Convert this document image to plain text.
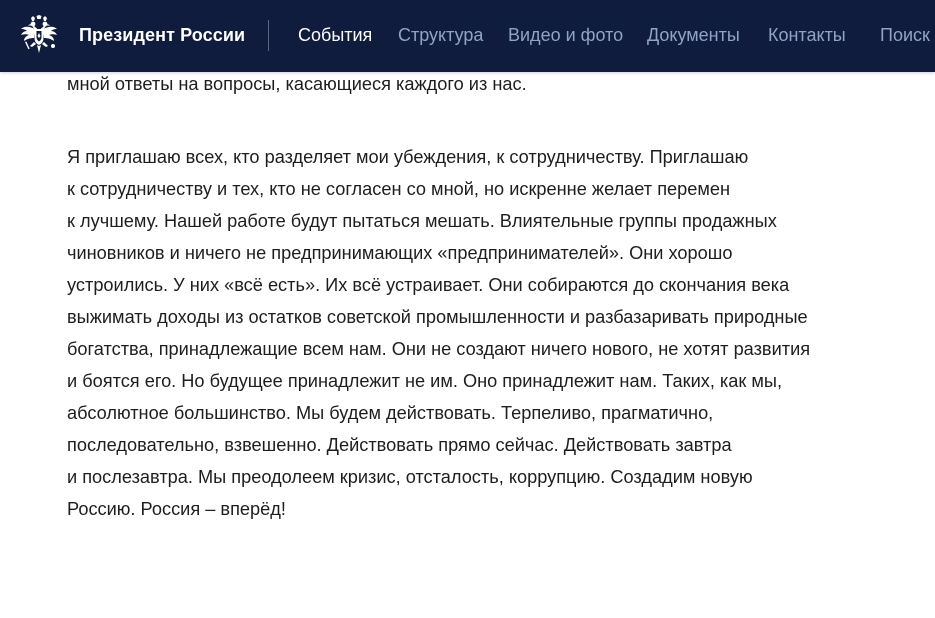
Президент России	События Структура Видео и фото Документы Контакты Поиск

мной ответы на вопросы, касающиеся каждого из нас.

Я приглашаю всех, кто разделяет мои убеждения, к сотрудничеству. Приглашаю
к сотрудничеству и тех, кто не согласен со мной, но искренне желает перемен
к лучшему. Нашей работе будут пытаться мешать. Влиятельные группы продажных
чиновников и ничего не предпринимающих «предпринимателей». Они хорошо
устроились. У них «всё есть». Их всё устраивает. Они собираются до скончания века
выжимать доходы из остатков советской промышленности и разбазаривать природные
богатства, принадлежащие всем нам. Они не создают ничего нового, не хотят развития
и боятся его. Но будущее принадлежит не им. Оно принадлежит нам. Таких, как мы,
абсолютное большинство. Мы будем действовать. Терпеливо, прагматично,
последовательно, взвешенно. Действовать прямо сейчас. Действовать завтра
и послезавтра. Мы преодолеем кризис, отсталость, коррупцию. Создадим новую
Россию. Россия – вперёд!
